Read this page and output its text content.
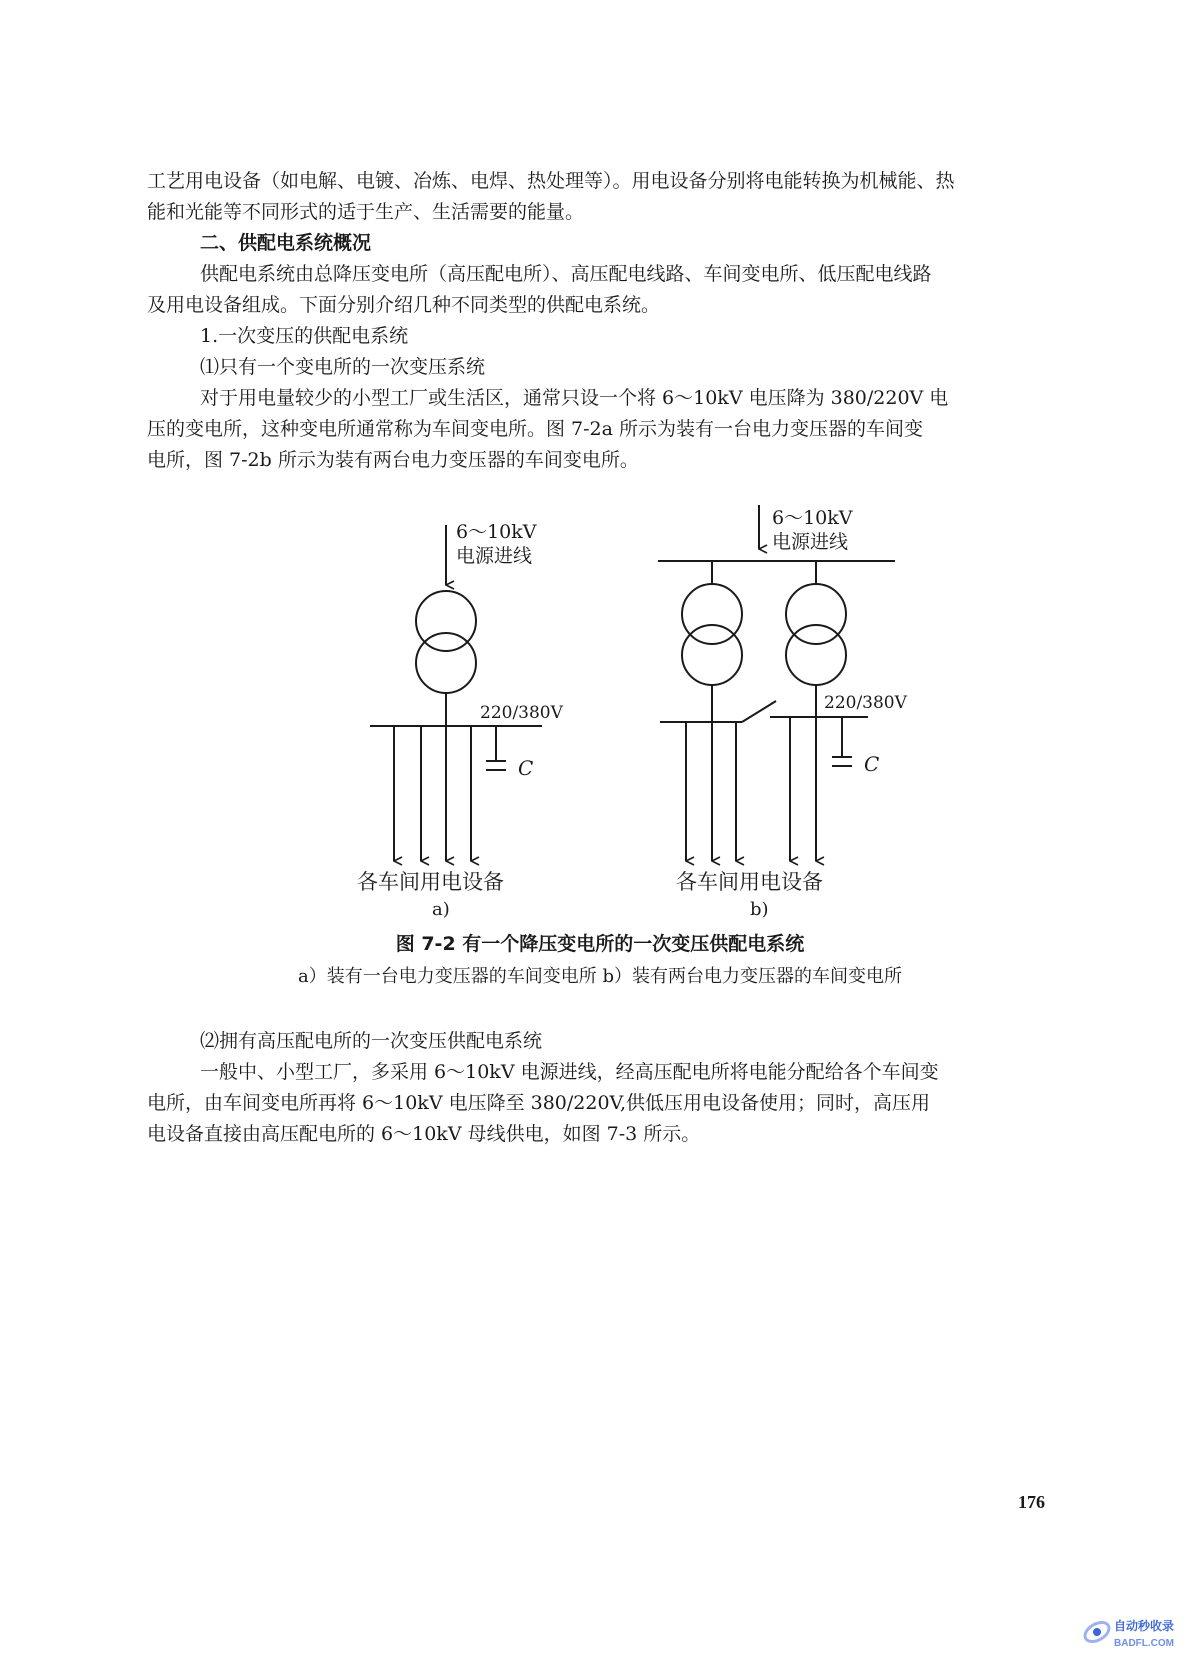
工艺用电设备（如电解、电镀、冶炼、电焊、热处理等）。用电设备分别将电能转换为机械能、热
能和光能等不同形式的适于生产、生活需要的能量。

二、供配电系统概况

供配电系统由总降压变电所（高压配电所）、高压配电线路、车间变电所、低压配电线路
及用电设备组成。下面分别介绍几种不同类型的供配电系统。

1.一次变压的供配电系统

⑴只有一个变电所的一次变压系统

对于用电量较少的小型工厂或生活区，通常只设一个将 6～10kV 电压降为 380/220V 电
压的变电所，这种变电所通常称为车间变电所。图 7-2a 所示为装有一台电力变压器的车间变
电所，图 7-2b 所示为装有两台电力变压器的车间变电所。

6～10kV
电源进线
220/380V
C
各车间用电设备
a)
6～10kV
电源进线
220/380V
C
各车间用电设备
b)
图 7-2 有一个降压变电所的一次变压供配电系统
a）装有一台电力变压器的车间变电所 b）装有两台电力变压器的车间变电所

⑵拥有高压配电所的一次变压供配电系统

一般中、小型工厂，多采用 6～10kV 电源进线，经高压配电所将电能分配给各个车间变
电所，由车间变电所再将 6～10kV 电压降至 380/220V,供低压用电设备使用；同时，高压用
电设备直接由高压配电所的 6～10kV 母线供电，如图 7-3 所示。

176
自动秒收录
BADFL.COM
